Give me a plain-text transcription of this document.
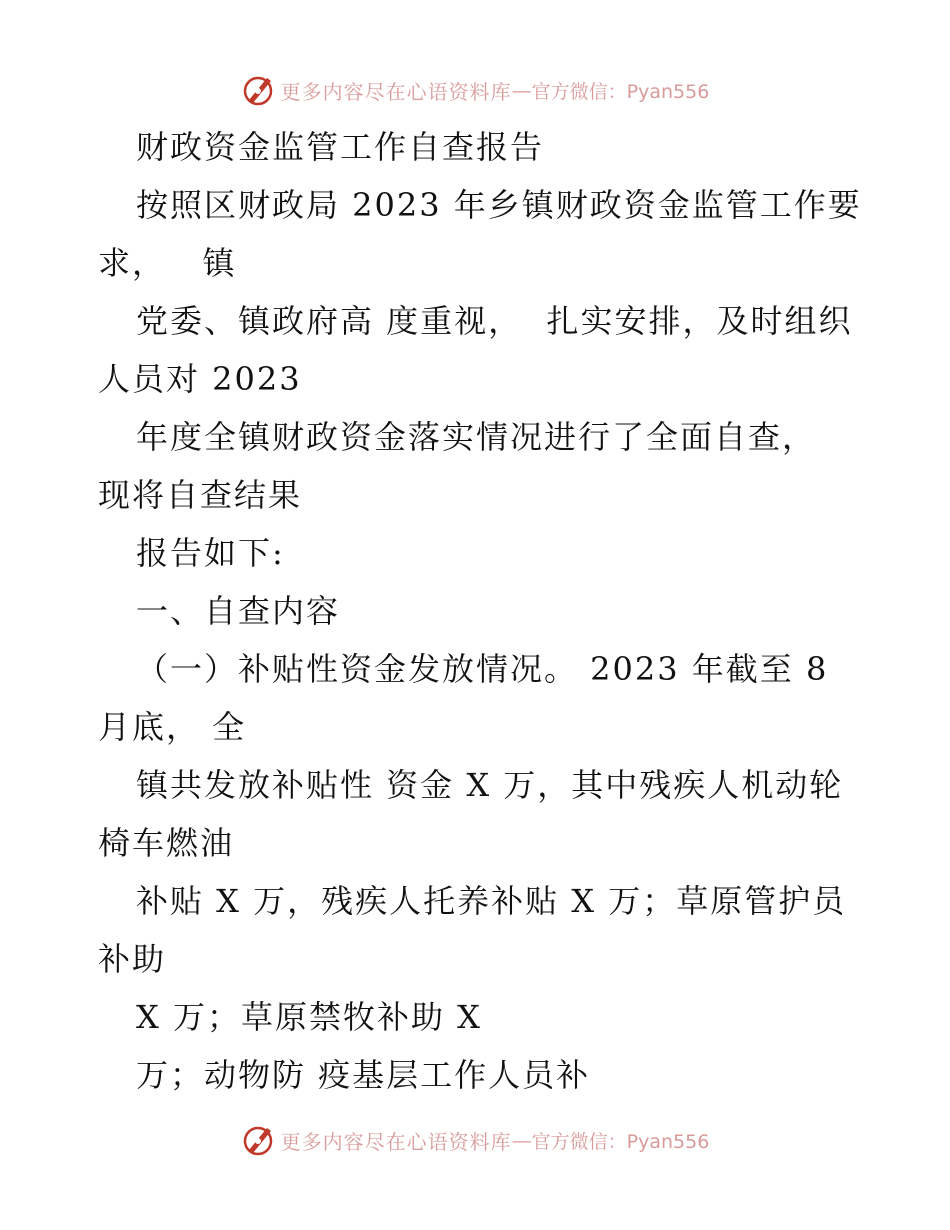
更多内容尽在心语资料库 — 官方微信：Pyan556
财政资金监管工作自查报告
按照区财政局 2023 年乡镇财政资金监管工作要
求，   镇
党委、镇政府高 度重视，  扎实安排，及时组织
人员对 2023
年度全镇财政资金落实情况进行了全面自查，
现将自查结果
报告如下:
一、自查内容
（一）补贴性资金发放情况。 2023 年截至 8
月底， 全
镇共发放补贴性 资金 X 万，其中残疾人机动轮
椅车燃油
补贴 X 万，残疾人托养补贴 X 万；草原管护员
补助
X 万；草原禁牧补助 X
万；动物防 疫基层工作人员补
更多内容尽在心语资料库 — 官方微信：Pyan556
